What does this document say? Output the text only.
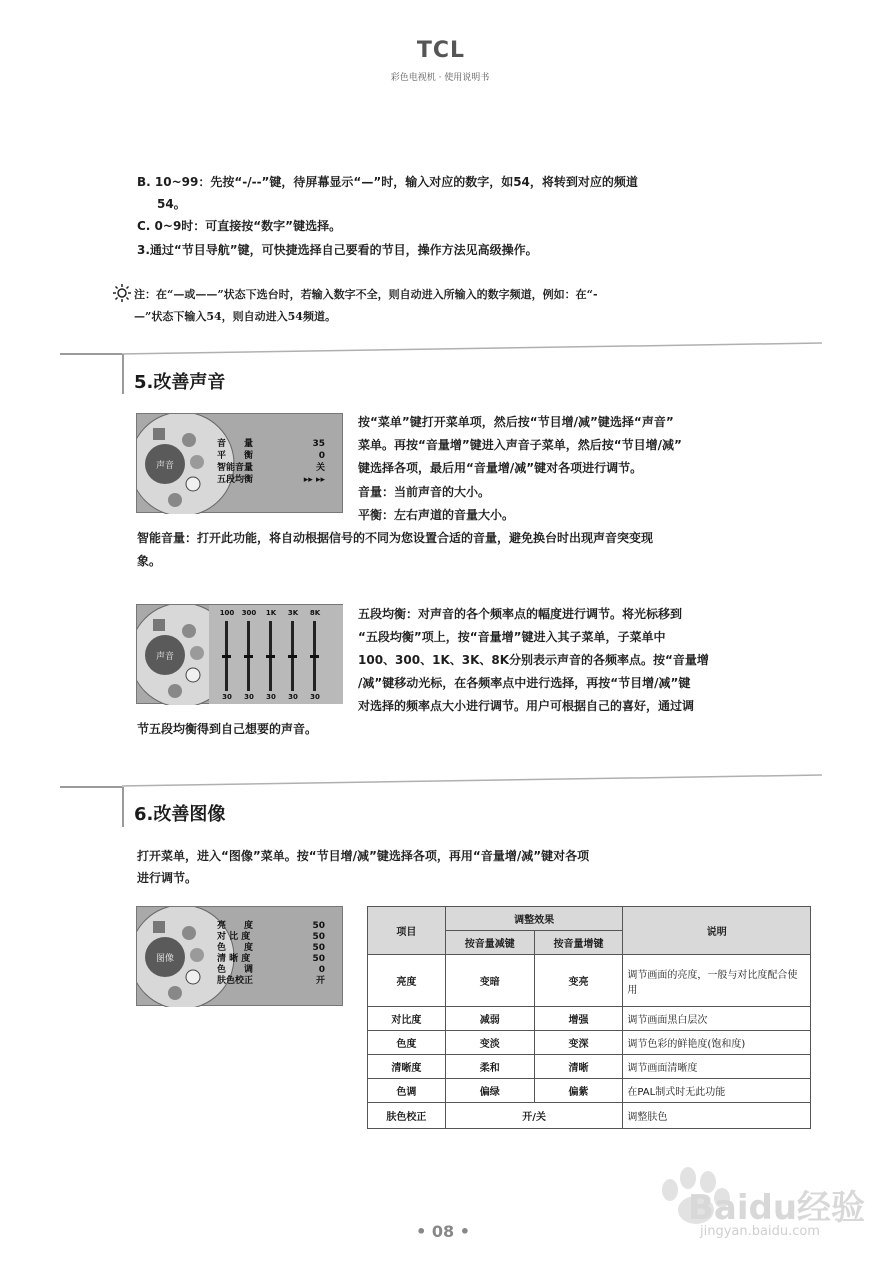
TCL
彩色电视机 · 使用说明书
B. 10~99：先按“-/--”键，待屏幕显示“—”时，输入对应的数字，如54，将转到对应的频道
54。
C. 0~9时：可直接按“数字”键选择。
3.通过“节目导航”键，可快捷选择自己要看的节目，操作方法见高级操作。
注：在“—或——”状态下选台时，若输入数字不全，则自动进入所输入的数字频道，例如：在“-
—”状态下输入54，则自动进入54频道。
5.改善声音
声音
音　　量	35
平　　衡	0
智能音量	关
五段均衡	▸▸ ▸▸
按“菜单”键打开菜单项，然后按“节目增/减”键选择“声音”
菜单。再按“音量增”键进入声音子菜单，然后按“节目增/减”
键选择各项，最后用“音量增/减”键对各项进行调节。
音量：当前声音的大小。
平衡：左右声道的音量大小。
智能音量：打开此功能，将自动根据信号的不同为您设置合适的音量，避免换台时出现声音突变现
象。
声音
100 300	1K	3K	8K
30	30	30	30	30
五段均衡：对声音的各个频率点的幅度进行调节。将光标移到
“五段均衡”项上，按“音量增”键进入其子菜单，子菜单中
100、300、1K、3K、8K分别表示声音的各频率点。按“音量增
/减”键移动光标，在各频率点中进行选择，再按“节目增/减”键
对选择的频率点大小进行调节。用户可根据自己的喜好，通过调
节五段均衡得到自己想要的声音。
6.改善图像
打开菜单，进入“图像”菜单。按“节目增/减”键选择各项，再用“音量增/减”键对各项
进行调节。
图像
亮　　度	50
对 比 度	50
色　　度	50
清 晰 度	50
色　　调	0
肤色校正	开
项目	调整效果		说明
	按音量减键	按音量增键	
亮度	变暗	变亮	调节画面的亮度，一般与对比度配合使用
对比度	减弱	增强	调节画面黑白层次
色度	变淡	变深	调节色彩的鲜艳度(饱和度)
清晰度	柔和	清晰	调节画面清晰度
色调	偏绿	偏紫	在PAL制式时无此功能
肤色校正	开/关		调整肤色
• 08 •
Baidu经验
jingyan.baidu.com
